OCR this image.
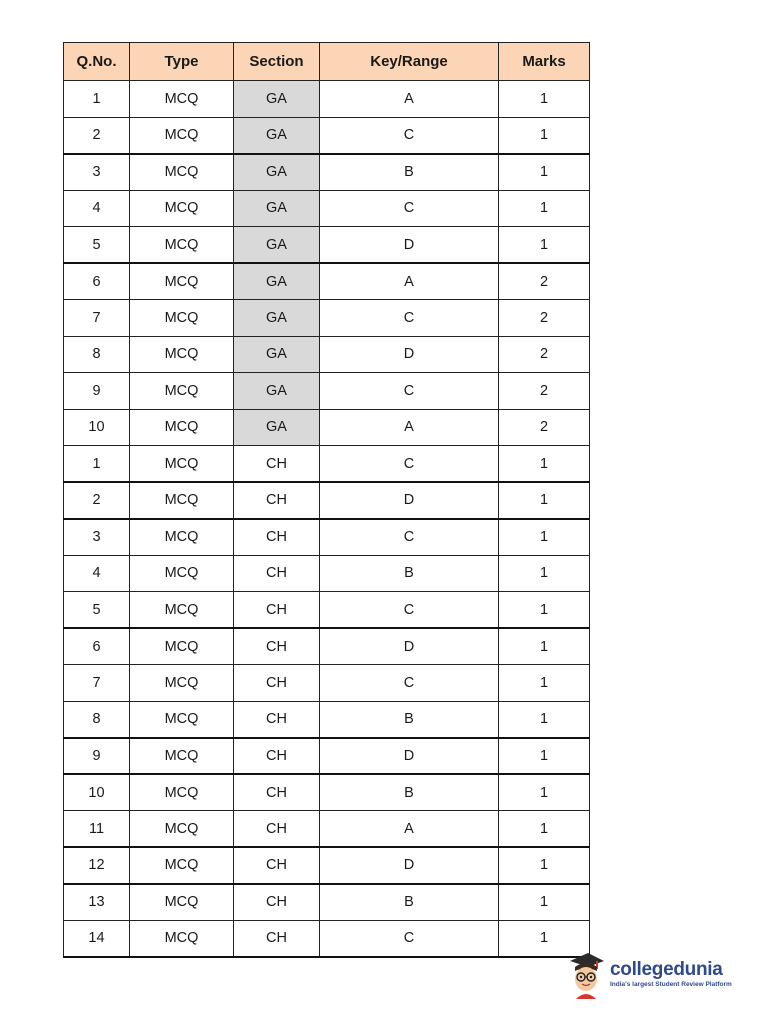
Q.No.	Type	Section	Key/Range	Marks
1	MCQ	GA	A	1
2	MCQ	GA	C	1
3	MCQ	GA	B	1
4	MCQ	GA	C	1
5	MCQ	GA	D	1
6	MCQ	GA	A	2
7	MCQ	GA	C	2
8	MCQ	GA	D	2
9	MCQ	GA	C	2
10	MCQ	GA	A	2
1	MCQ	CH	C	1
2	MCQ	CH	D	1
3	MCQ	CH	C	1
4	MCQ	CH	B	1
5	MCQ	CH	C	1
6	MCQ	CH	D	1
7	MCQ	CH	C	1
8	MCQ	CH	B	1
9	MCQ	CH	D	1
10	MCQ	CH	B	1
11	MCQ	CH	A	1
12	MCQ	CH	D	1
13	MCQ	CH	B	1
14	MCQ	CH	C	1
collegedunia
India's largest Student Review Platform
